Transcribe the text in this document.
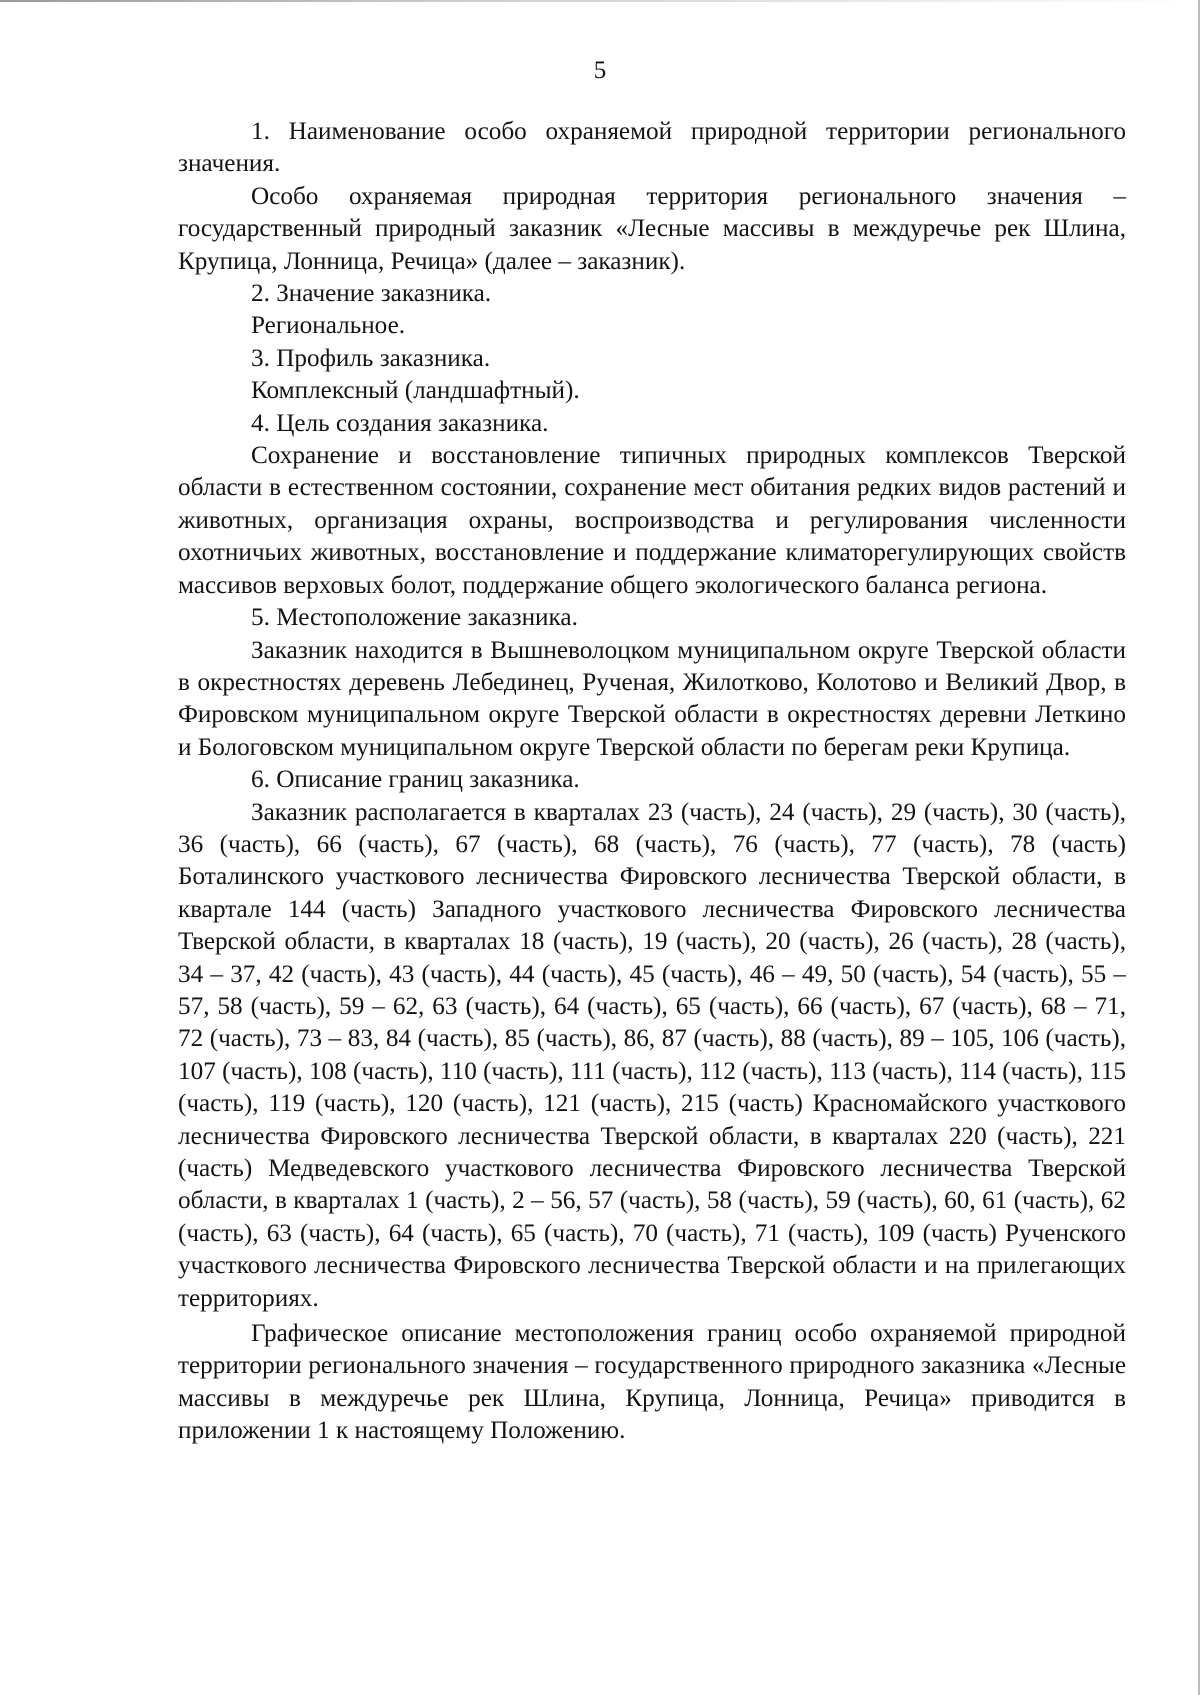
5

1. Наименование особо охраняемой природной территории регионального значения.

Особо охраняемая природная территория регионального значения – государственный природный заказник «Лесные массивы в междуречье рек Шлина, Крупица, Лонница, Речица» (далее – заказник).

2. Значение заказника.

Региональное.

3. Профиль заказника.

Комплексный (ландшафтный).

4. Цель создания заказника.

Сохранение и восстановление типичных природных комплексов Тверской области в естественном состоянии, сохранение мест обитания редких видов растений и животных, организация охраны, воспроизводства и регулирования численности охотничьих животных, восстановление и поддержание климаторегулирующих свойств массивов верховых болот, поддержание общего экологического баланса региона.

5. Местоположение заказника.

Заказник находится в Вышневолоцком муниципальном округе Тверской области в окрестностях деревень Лебединец, Ручeная, Жилотково, Колотово и Великий Двор, в Фировском муниципальном округе Тверской области в окрестностях деревни Леткино и Бологовском муниципальном округе Тверской области по берегам реки Крупица.

6. Описание границ заказника.

Заказник располагается в кварталах 23 (часть), 24 (часть), 29 (часть), 30 (часть), 36 (часть), 66 (часть), 67 (часть), 68 (часть), 76 (часть), 77 (часть), 78 (часть) Боталинского участкового лесничества Фировского лесничества Тверской области, в квартале 144 (часть) Западного участкового лесничества Фировского лесничества Тверской области, в кварталах 18 (часть), 19 (часть), 20 (часть), 26 (часть), 28 (часть), 34 – 37, 42 (часть), 43 (часть), 44 (часть), 45 (часть), 46 – 49, 50 (часть), 54 (часть), 55 – 57, 58 (часть), 59 – 62, 63 (часть), 64 (часть), 65 (часть), 66 (часть), 67 (часть), 68 – 71, 72 (часть), 73 – 83, 84 (часть), 85 (часть), 86, 87 (часть), 88 (часть), 89 – 105, 106 (часть), 107 (часть), 108 (часть), 110 (часть), 111 (часть), 112 (часть), 113 (часть), 114 (часть), 115 (часть), 119 (часть), 120 (часть), 121 (часть), 215 (часть) Красномайского участкового лесничества Фировского лесничества Тверской области, в кварталах 220 (часть), 221 (часть) Медведевского участкового лесничества Фировского лесничества Тверской области, в кварталах 1 (часть), 2 – 56, 57 (часть), 58 (часть), 59 (часть), 60, 61 (часть), 62 (часть), 63 (часть), 64 (часть), 65 (часть), 70 (часть), 71 (часть), 109 (часть) Рученского участкового лесничества Фировского лесничества Тверской области и на прилегающих территориях.

Графическое описание местоположения границ особо охраняемой природной территории регионального значения – государственного природного заказника «Лесные массивы в междуречье рек Шлина, Крупица, Лонница, Речица» приводится в приложении 1 к настоящему Положению.
